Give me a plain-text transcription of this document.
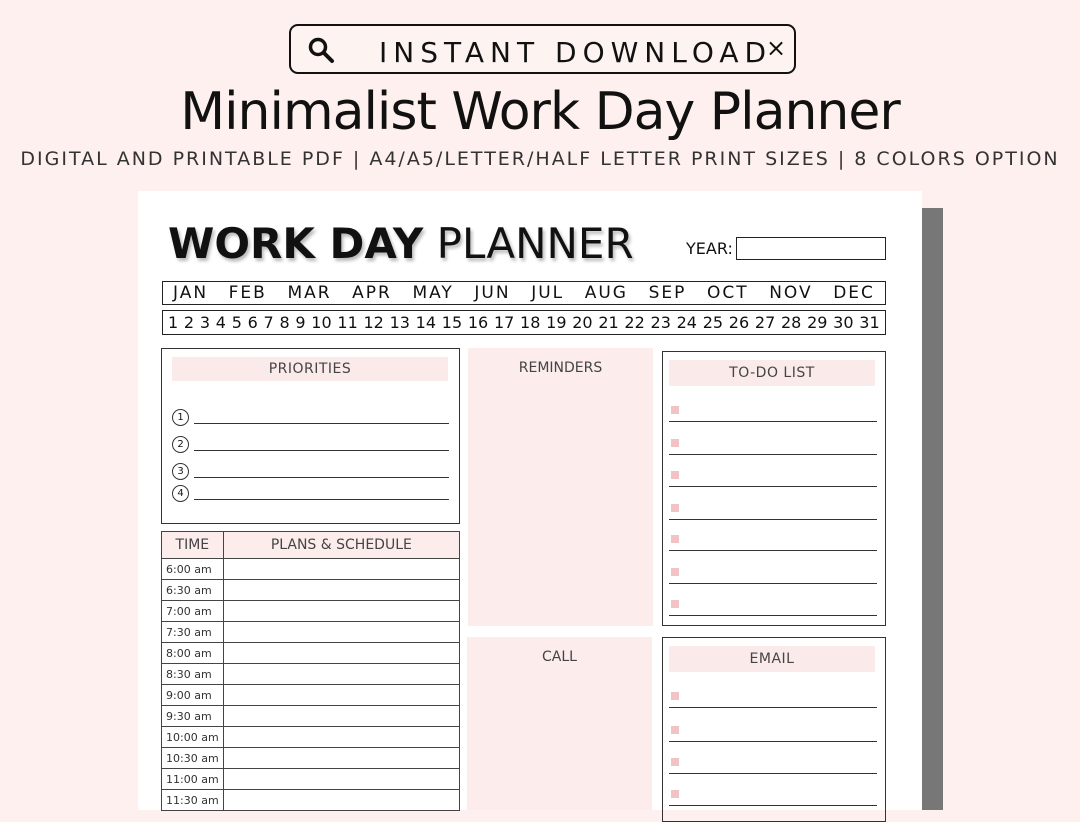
INSTANT DOWNLOAD
×
Minimalist Work Day Planner
DIGITAL AND PRINTABLE PDF | A4/A5/LETTER/HALF LETTER PRINT SIZES | 8 COLORS OPTION
WORK DAY PLANNER	YEAR:
JAN FEB MAR APR MAY JUN JUL AUG SEP OCT NOV DEC
1 2 3 4 5 6 7 8 9 10 11 12 13 14 15 16 17 18 19 20 21 22 23 24 25 26 27 28 29 30 31
PRIORITIES
1
2
3
4
REMINDERS
CALL
TO-DO LIST
EMAIL
TIME	PLANS & SCHEDULE
6:00 am	
6:30 am	
7:00 am	
7:30 am	
8:00 am	
8:30 am	
9:00 am	
9:30 am	
10:00 am	
10:30 am	
11:00 am	
11:30 am	
